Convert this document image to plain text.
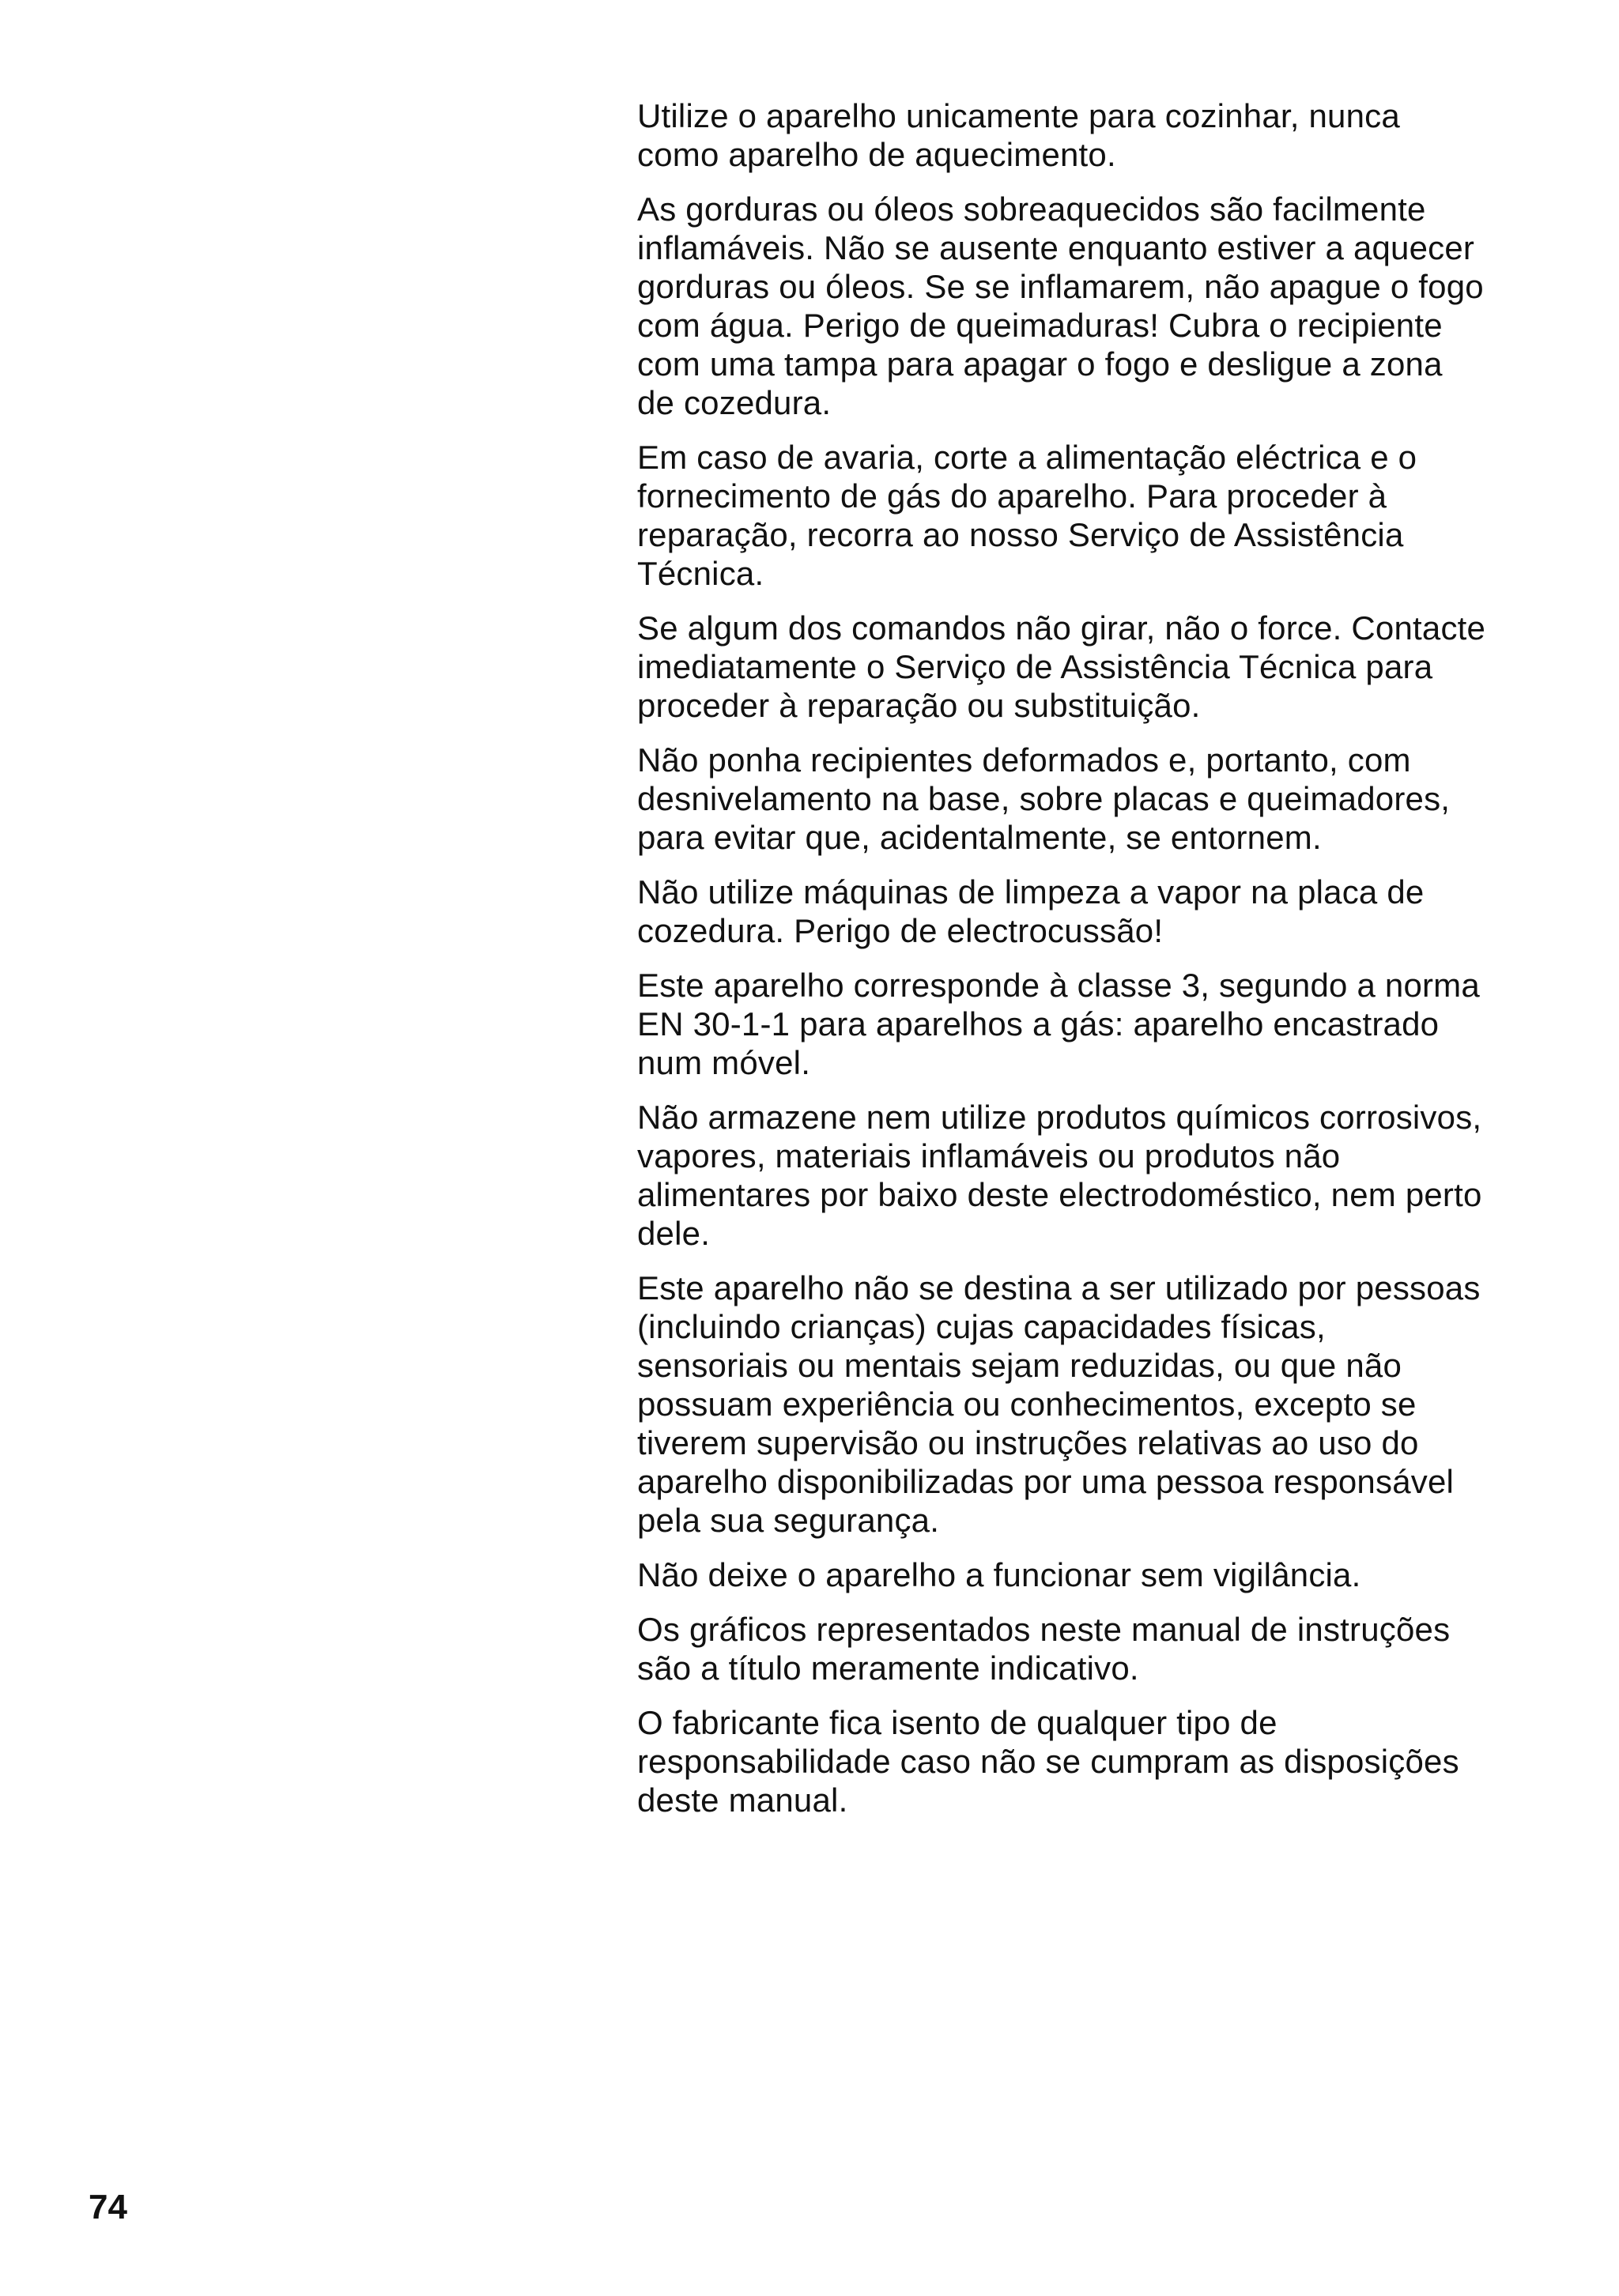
Utilize o aparelho unicamente para cozinhar, nunca
como aparelho de aquecimento.

As gorduras ou óleos sobreaquecidos são facilmente
inflamáveis. Não se ausente enquanto estiver a aquecer
gorduras ou óleos. Se se inflamarem, não apague o fogo
com água. Perigo de queimaduras! Cubra o recipiente
com uma tampa para apagar o fogo e desligue a zona
de cozedura.

Em caso de avaria, corte a alimentação eléctrica e o
fornecimento de gás do aparelho. Para proceder à
reparação, recorra ao nosso Serviço de Assistência
Técnica.

Se algum dos comandos não girar, não o force. Contacte
imediatamente o Serviço de Assistência Técnica para
proceder à reparação ou substituição.

Não ponha recipientes deformados e, portanto, com
desnivelamento na base, sobre placas e queimadores,
para evitar que, acidentalmente, se entornem.

Não utilize máquinas de limpeza a vapor na placa de
cozedura. Perigo de electrocussão!

Este aparelho corresponde à classe 3, segundo a norma
EN 30-1-1 para aparelhos a gás: aparelho encastrado
num móvel.

Não armazene nem utilize produtos químicos corrosivos,
vapores, materiais inflamáveis ou produtos não
alimentares por baixo deste electrodoméstico, nem perto
dele.

Este aparelho não se destina a ser utilizado por pessoas
(incluindo crianças) cujas capacidades físicas,
sensoriais ou mentais sejam reduzidas, ou que não
possuam experiência ou conhecimentos, excepto se
tiverem supervisão ou instruções relativas ao uso do
aparelho disponibilizadas por uma pessoa responsável
pela sua segurança.

Não deixe o aparelho a funcionar sem vigilância.

Os gráficos representados neste manual de instruções
são a título meramente indicativo.

O fabricante fica isento de qualquer tipo de
responsabilidade caso não se cumpram as disposições
deste manual.

74
